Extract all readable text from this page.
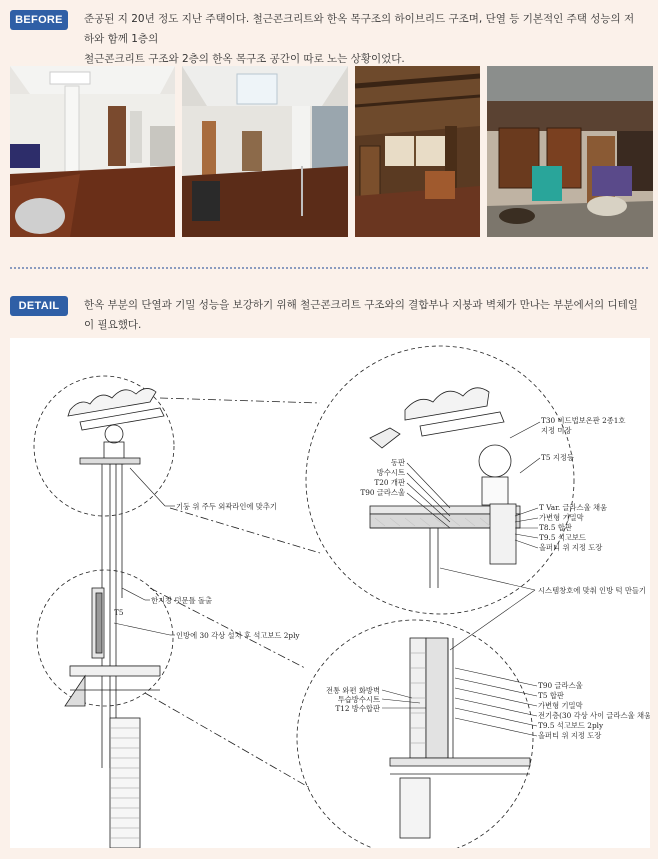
BEFORE	준공된 지 20년 정도 지난 주택이다. 철근콘크리트와 한옥 목구조의 하이브리드 구조며, 단열 등 기본적인 주택 성능의 저하와 함께 1층의
철근콘크리트 구조와 2층의 한옥 목구조 공간이 따로 노는 상황이었다.
DETAIL	한옥 부분의 단열과 기밀 성능을 보강하기 위해 철근콘크리트 구조와의 결합부나 지붕과 벽체가 만나는 부분에서의 디테일이 필요했다.
기둥 위 주두 외곽라인에 맞추기
한지창 덧문틀 돌출
인방에 30 각상 설치 후 석고보드 2ply
T5
T30 비드법보온판 2종1호
지정 미장
T5 지정등
동판
방수시트
T20 개판
T90 글라스울
T Var. 글라스울 채움
가변형 기밀막
T8.5 합판
T9.5 석고보드
올퍼티 위 지정 도장
시스템창호에 맞춰 인방 턱 만들기
전통 와편 화방벽
투습방수시트
T12 방수합판
T90 글라스울
T5 합판
가변형 기밀막
전기층(30 각상 사이 글라스울 채움)
T9.5 석고보드 2ply
올퍼티 위 지정 도장
